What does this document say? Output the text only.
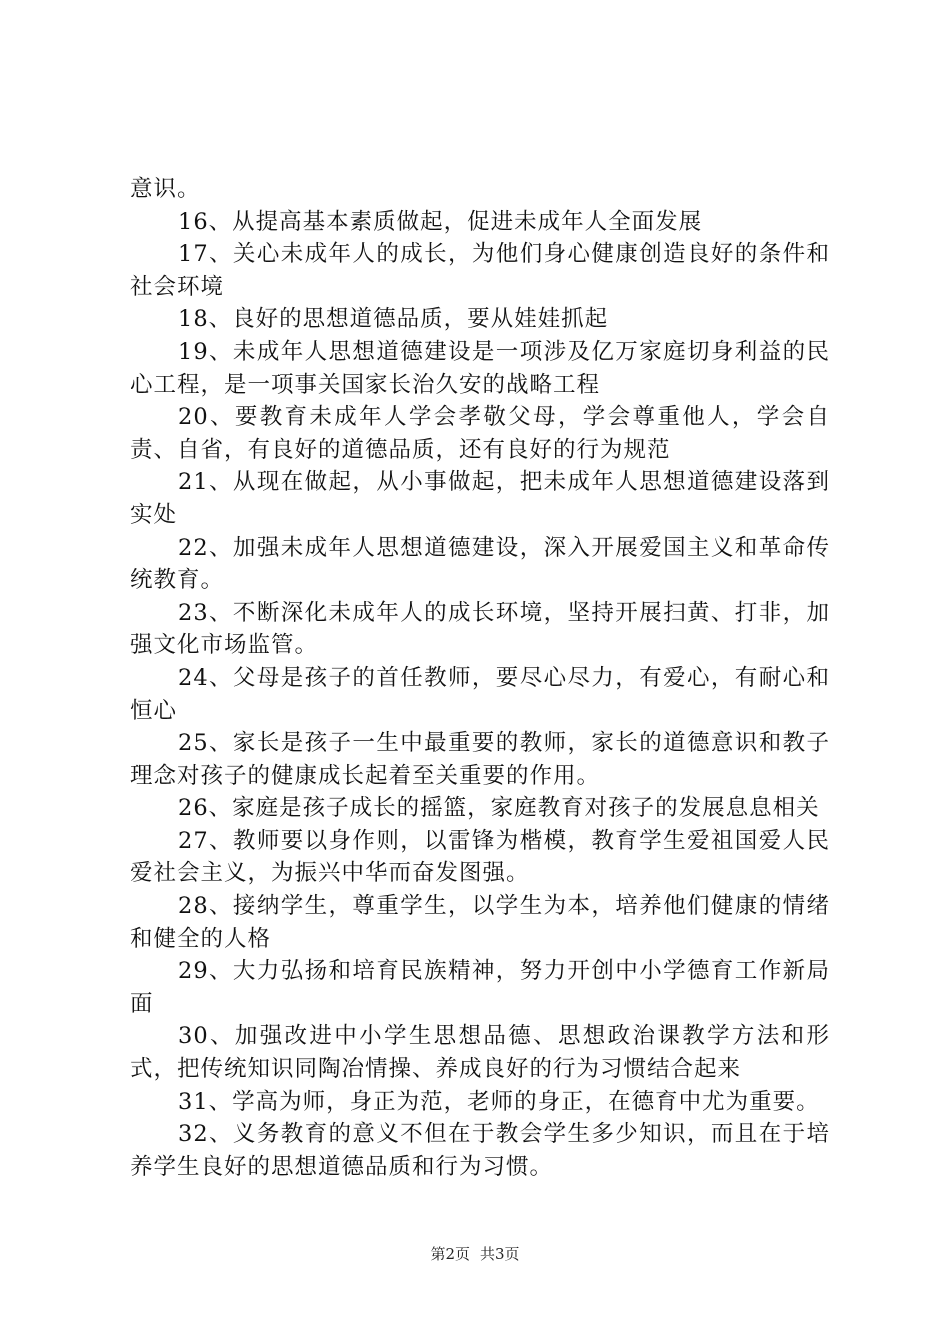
意识。

16、从提高基本素质做起，促进未成年人全面发展

17、关心未成年人的成长，为他们身心健康创造良好的条件和社会环境

18、良好的思想道德品质，要从娃娃抓起

19、未成年人思想道德建设是一项涉及亿万家庭切身利益的民心工程，是一项事关国家长治久安的战略工程

20、要教育未成年人学会孝敬父母，学会尊重他人，学会自责、自省，有良好的道德品质，还有良好的行为规范

21、从现在做起，从小事做起，把未成年人思想道德建设落到实处

22、加强未成年人思想道德建设，深入开展爱国主义和革命传统教育。

23、不断深化未成年人的成长环境，坚持开展扫黄、打非，加强文化市场监管。

24、父母是孩子的首任教师，要尽心尽力，有爱心，有耐心和恒心

25、家长是孩子一生中最重要的教师，家长的道德意识和教子理念对孩子的健康成长起着至关重要的作用。

26、家庭是孩子成长的摇篮，家庭教育对孩子的发展息息相关

27、教师要以身作则，以雷锋为楷模，教育学生爱祖国爱人民爱社会主义，为振兴中华而奋发图强。

28、接纳学生，尊重学生，以学生为本，培养他们健康的情绪和健全的人格

29、大力弘扬和培育民族精神，努力开创中小学德育工作新局面

30、加强改进中小学生思想品德、思想政治课教学方法和形式，把传统知识同陶冶情操、养成良好的行为习惯结合起来

31、学高为师，身正为范，老师的身正，在德育中尤为重要。

32、义务教育的意义不但在于教会学生多少知识，而且在于培养学生良好的思想道德品质和行为习惯。

第2页 共3页
